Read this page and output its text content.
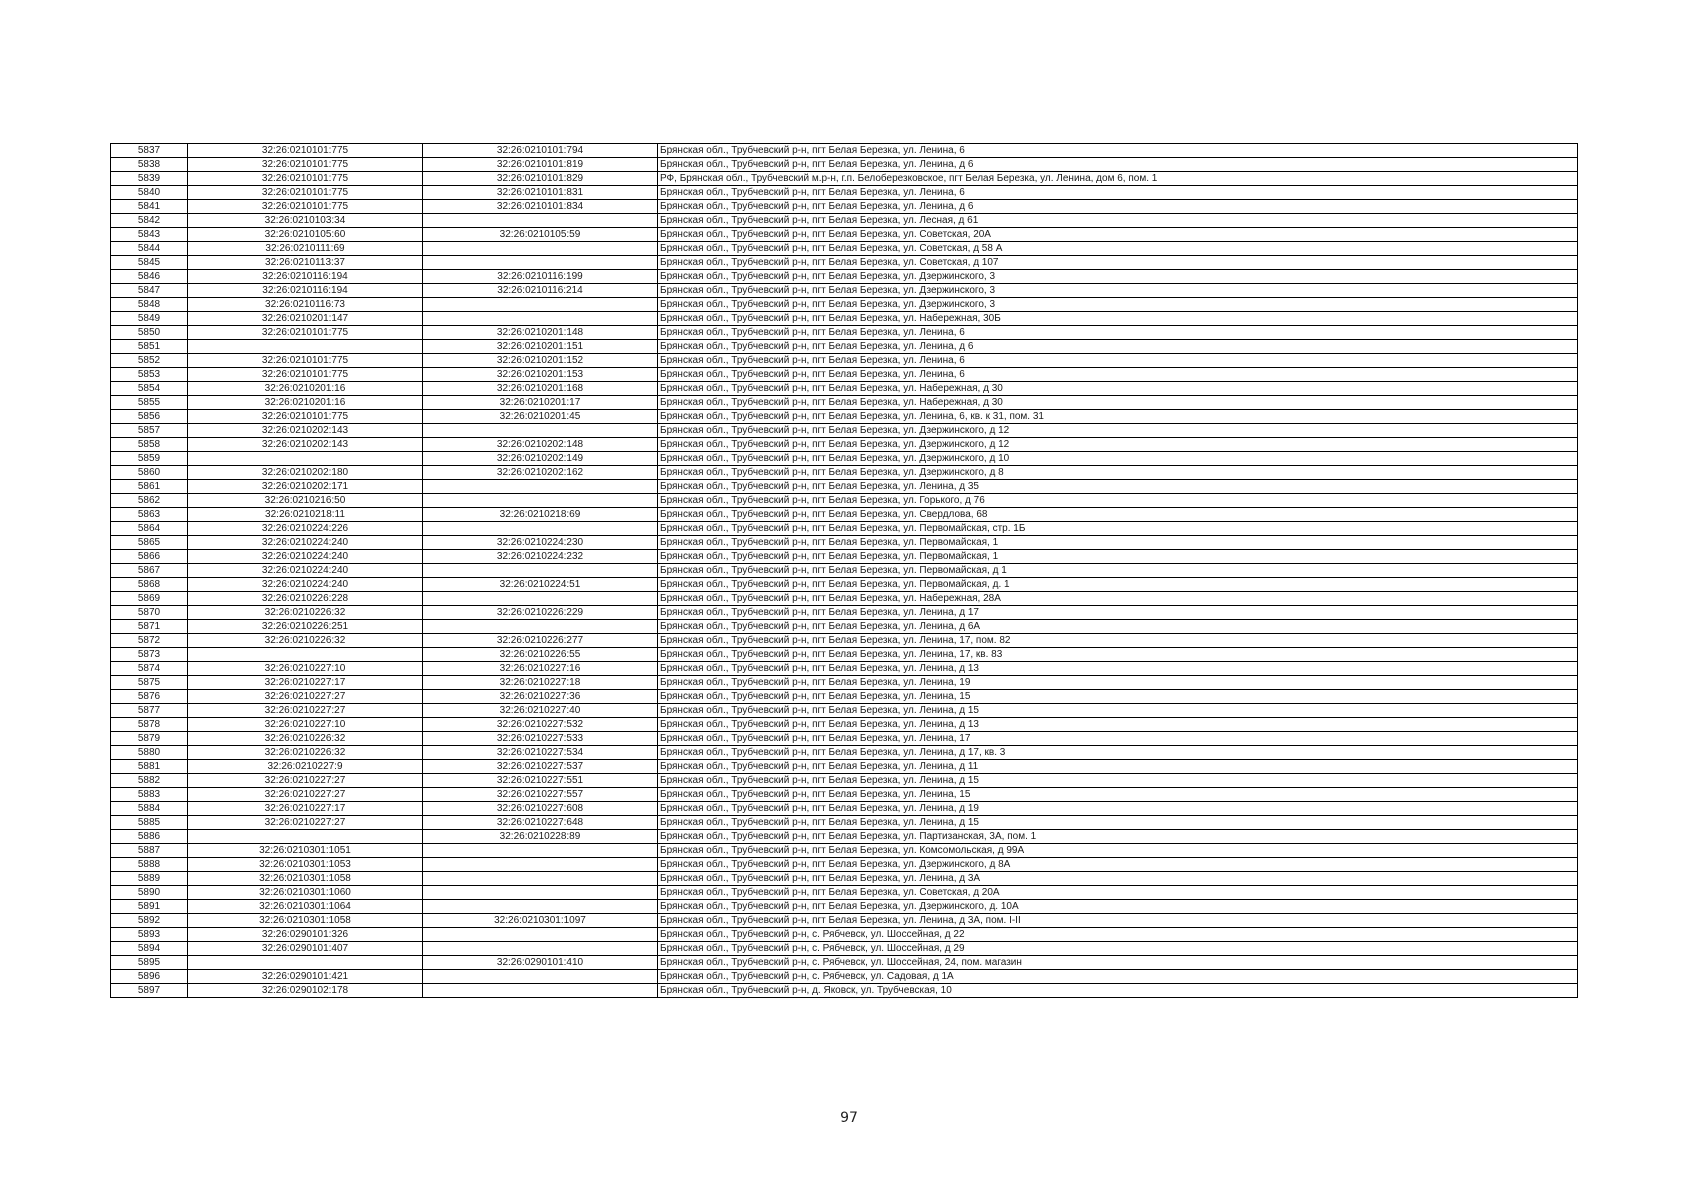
5837	32:26:0210101:775	32:26:0210101:794	Брянская обл., Трубчевский р-н, пгт Белая Березка, ул. Ленина, 6
5838	32:26:0210101:775	32:26:0210101:819	Брянская обл., Трубчевский р-н, пгт Белая Березка, ул. Ленина, д 6
5839	32:26:0210101:775	32:26:0210101:829	РФ, Брянская обл., Трубчевский м.р-н, г.п. Белоберезковское, пгт Белая Березка, ул. Ленина, дом 6, пом. 1
5840	32:26:0210101:775	32:26:0210101:831	Брянская обл., Трубчевский р-н, пгт Белая Березка, ул. Ленина, 6
5841	32:26:0210101:775	32:26:0210101:834	Брянская обл., Трубчевский р-н, пгт Белая Березка, ул. Ленина, д 6
5842	32:26:0210103:34		Брянская обл., Трубчевский р-н, пгт Белая Березка, ул. Лесная, д 61
5843	32:26:0210105:60	32:26:0210105:59	Брянская обл., Трубчевский р-н, пгт Белая Березка, ул. Советская, 20А
5844	32:26:0210111:69		Брянская обл., Трубчевский р-н, пгт Белая Березка, ул. Советская, д 58 А
5845	32:26:0210113:37		Брянская обл., Трубчевский р-н, пгт Белая Березка, ул. Советская, д 107
5846	32:26:0210116:194	32:26:0210116:199	Брянская обл., Трубчевский р-н, пгт Белая Березка, ул. Дзержинского, 3
5847	32:26:0210116:194	32:26:0210116:214	Брянская обл., Трубчевский р-н, пгт Белая Березка, ул. Дзержинского, 3
5848	32:26:0210116:73		Брянская обл., Трубчевский р-н, пгт Белая Березка, ул. Дзержинского, 3
5849	32:26:0210201:147		Брянская обл., Трубчевский р-н, пгт Белая Березка, ул. Набережная, 30Б
5850	32:26:0210101:775	32:26:0210201:148	Брянская обл., Трубчевский р-н, пгт Белая Березка, ул. Ленина, 6
5851		32:26:0210201:151	Брянская обл., Трубчевский р-н, пгт Белая Березка, ул. Ленина, д 6
5852	32:26:0210101:775	32:26:0210201:152	Брянская обл., Трубчевский р-н, пгт Белая Березка, ул. Ленина, 6
5853	32:26:0210101:775	32:26:0210201:153	Брянская обл., Трубчевский р-н, пгт Белая Березка, ул. Ленина, 6
5854	32:26:0210201:16	32:26:0210201:168	Брянская обл., Трубчевский р-н, пгт Белая Березка, ул. Набережная, д 30
5855	32:26:0210201:16	32:26:0210201:17	Брянская обл., Трубчевский р-н, пгт Белая Березка, ул. Набережная, д 30
5856	32:26:0210101:775	32:26:0210201:45	Брянская обл., Трубчевский р-н, пгт Белая Березка, ул. Ленина, 6, кв. к 31, пом. 31
5857	32:26:0210202:143		Брянская обл., Трубчевский р-н, пгт Белая Березка, ул. Дзержинского, д 12
5858	32:26:0210202:143	32:26:0210202:148	Брянская обл., Трубчевский р-н, пгт Белая Березка, ул. Дзержинского, д 12
5859		32:26:0210202:149	Брянская обл., Трубчевский р-н, пгт Белая Березка, ул. Дзержинского, д 10
5860	32:26:0210202:180	32:26:0210202:162	Брянская обл., Трубчевский р-н, пгт Белая Березка, ул. Дзержинского, д 8
5861	32:26:0210202:171		Брянская обл., Трубчевский р-н, пгт Белая Березка, ул. Ленина, д 35
5862	32:26:0210216:50		Брянская обл., Трубчевский р-н, пгт Белая Березка, ул. Горького, д 76
5863	32:26:0210218:11	32:26:0210218:69	Брянская обл., Трубчевский р-н, пгт Белая Березка, ул. Свердлова, 68
5864	32:26:0210224:226		Брянская обл., Трубчевский р-н, пгт Белая Березка, ул. Первомайская, стр. 1Б
5865	32:26:0210224:240	32:26:0210224:230	Брянская обл., Трубчевский р-н, пгт Белая Березка, ул. Первомайская, 1
5866	32:26:0210224:240	32:26:0210224:232	Брянская обл., Трубчевский р-н, пгт Белая Березка, ул. Первомайская, 1
5867	32:26:0210224:240		Брянская обл., Трубчевский р-н, пгт Белая Березка, ул. Первомайская, д 1
5868	32:26:0210224:240	32:26:0210224:51	Брянская обл., Трубчевский р-н, пгт Белая Березка, ул. Первомайская, д. 1
5869	32:26:0210226:228		Брянская обл., Трубчевский р-н, пгт Белая Березка, ул. Набережная, 28А
5870	32:26:0210226:32	32:26:0210226:229	Брянская обл., Трубчевский р-н, пгт Белая Березка, ул. Ленина, д 17
5871	32:26:0210226:251		Брянская обл., Трубчевский р-н, пгт Белая Березка, ул. Ленина, д 6А
5872	32:26:0210226:32	32:26:0210226:277	Брянская обл., Трубчевский р-н, пгт Белая Березка, ул. Ленина, 17, пом. 82
5873		32:26:0210226:55	Брянская обл., Трубчевский р-н, пгт Белая Березка, ул. Ленина, 17, кв. 83
5874	32:26:0210227:10	32:26:0210227:16	Брянская обл., Трубчевский р-н, пгт Белая Березка, ул. Ленина, д 13
5875	32:26:0210227:17	32:26:0210227:18	Брянская обл., Трубчевский р-н, пгт Белая Березка, ул. Ленина, 19
5876	32:26:0210227:27	32:26:0210227:36	Брянская обл., Трубчевский р-н, пгт Белая Березка, ул. Ленина, 15
5877	32:26:0210227:27	32:26:0210227:40	Брянская обл., Трубчевский р-н, пгт Белая Березка, ул. Ленина, д 15
5878	32:26:0210227:10	32:26:0210227:532	Брянская обл., Трубчевский р-н, пгт Белая Березка, ул. Ленина, д 13
5879	32:26:0210226:32	32:26:0210227:533	Брянская обл., Трубчевский р-н, пгт Белая Березка, ул. Ленина, 17
5880	32:26:0210226:32	32:26:0210227:534	Брянская обл., Трубчевский р-н, пгт Белая Березка, ул. Ленина, д 17, кв. 3
5881	32:26:0210227:9	32:26:0210227:537	Брянская обл., Трубчевский р-н, пгт Белая Березка, ул. Ленина, д 11
5882	32:26:0210227:27	32:26:0210227:551	Брянская обл., Трубчевский р-н, пгт Белая Березка, ул. Ленина, д 15
5883	32:26:0210227:27	32:26:0210227:557	Брянская обл., Трубчевский р-н, пгт Белая Березка, ул. Ленина, 15
5884	32:26:0210227:17	32:26:0210227:608	Брянская обл., Трубчевский р-н, пгт Белая Березка, ул. Ленина, д 19
5885	32:26:0210227:27	32:26:0210227:648	Брянская обл., Трубчевский р-н, пгт Белая Березка, ул. Ленина, д 15
5886		32:26:0210228:89	Брянская обл., Трубчевский р-н, пгт Белая Березка, ул. Партизанская, 3А, пом. 1
5887	32:26:0210301:1051		Брянская обл., Трубчевский р-н, пгт Белая Березка, ул. Комсомольская, д 99А
5888	32:26:0210301:1053		Брянская обл., Трубчевский р-н, пгт Белая Березка, ул. Дзержинского, д 8А
5889	32:26:0210301:1058		Брянская обл., Трубчевский р-н, пгт Белая Березка, ул. Ленина, д 3А
5890	32:26:0210301:1060		Брянская обл., Трубчевский р-н, пгт Белая Березка, ул. Советская, д 20А
5891	32:26:0210301:1064		Брянская обл., Трубчевский р-н, пгт Белая Березка, ул. Дзержинского, д. 10А
5892	32:26:0210301:1058	32:26:0210301:1097	Брянская обл., Трубчевский р-н, пгт Белая Березка, ул. Ленина, д 3А, пом. I-II
5893	32:26:0290101:326		Брянская обл., Трубчевский р-н, с. Рябчевск, ул. Шоссейная, д 22
5894	32:26:0290101:407		Брянская обл., Трубчевский р-н, с. Рябчевск, ул. Шоссейная, д 29
5895		32:26:0290101:410	Брянская обл., Трубчевский р-н, с. Рябчевск, ул. Шоссейная, 24, пом. магазин
5896	32:26:0290101:421		Брянская обл., Трубчевский р-н, с. Рябчевск, ул. Садовая, д 1А
5897	32:26:0290102:178		Брянская обл., Трубчевский р-н, д. Яковск, ул. Трубчевская, 10
97
